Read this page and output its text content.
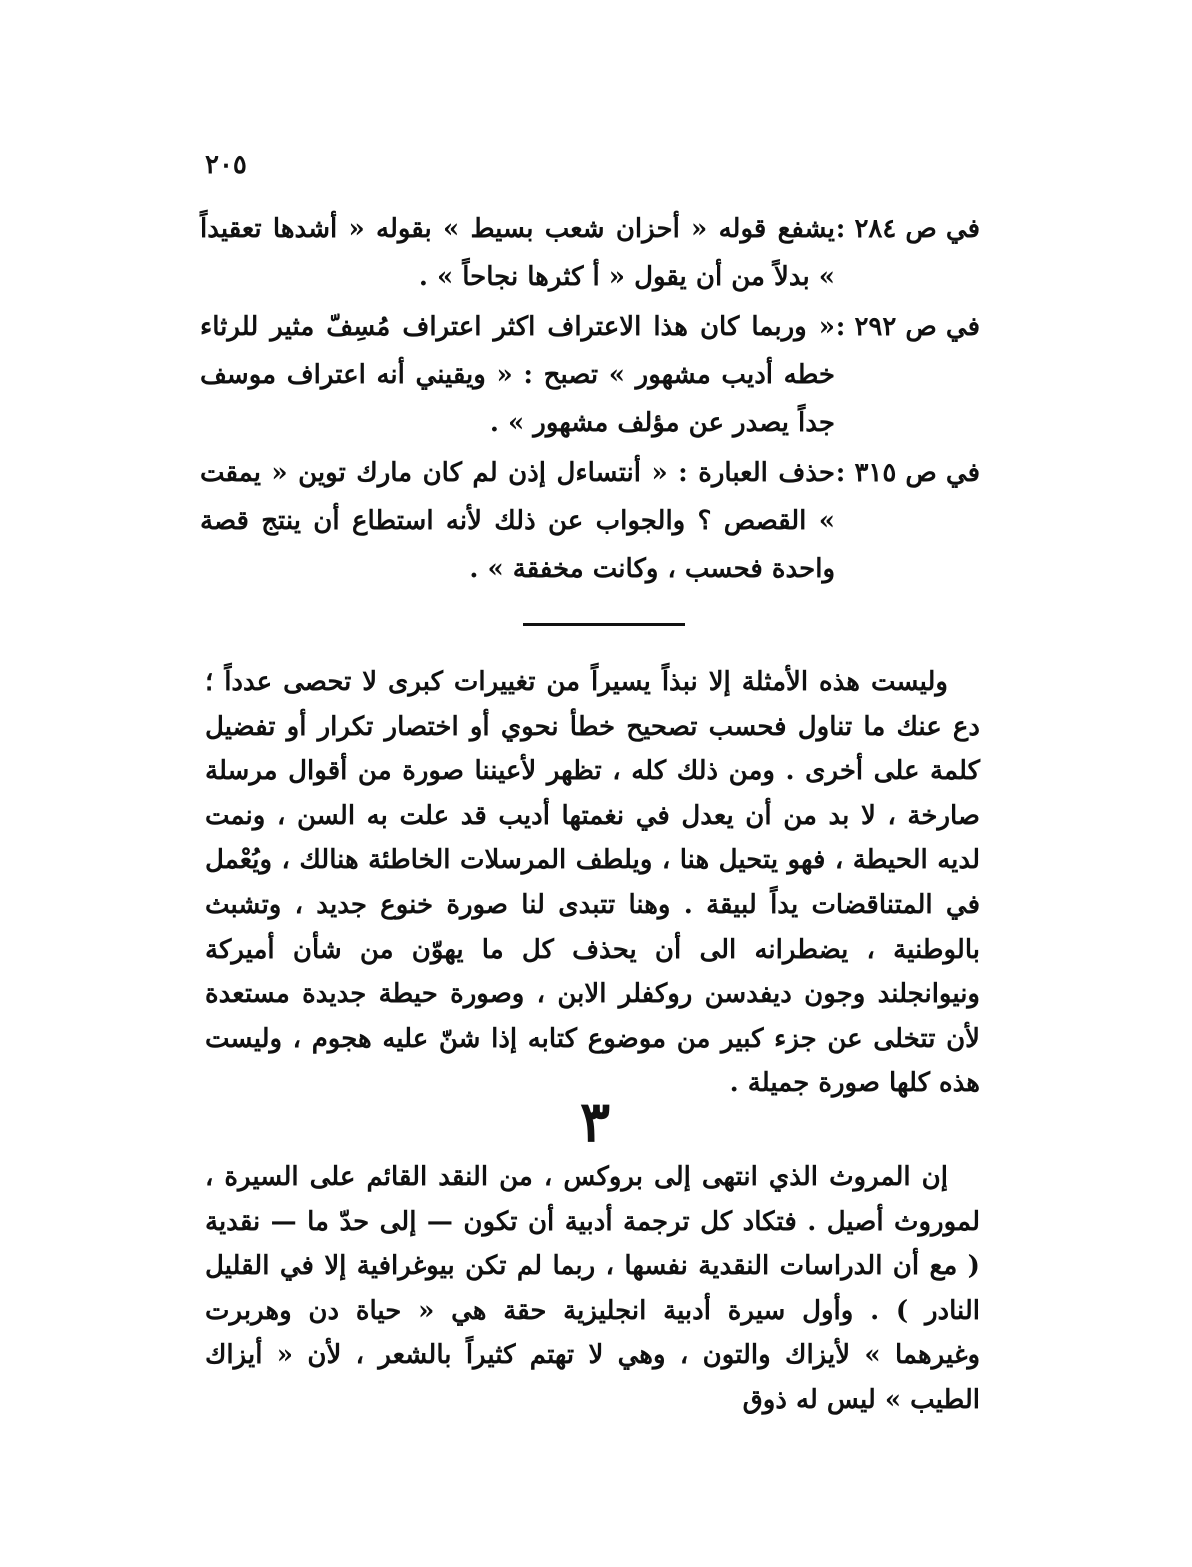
٢٠٥
في ص ٢٨٤ :
يشفع قوله « أحزان شعب بسيط » بقوله « أشدها تعقيداً » بدلاً من أن يقول « أ كثرها نجاحاً » .
في ص ٢٩٢ :
« وربما كان هذا الاعتراف اكثر اعتراف مُسِفّ مثير للرثاء خطه أديب مشهور » تصبح : « ويقيني أنه اعتراف موسف جداً يصدر عن مؤلف مشهور » .
في ص ٣١٥ :
حذف العبارة : « أنتساءل إذن لم كان مارك توين « يمقت » القصص ؟ والجواب عن ذلك لأنه استطاع أن ينتج قصة واحدة فحسب ، وكانت مخفقة » .

وليست هذه الأمثلة إلا نبذاً يسيراً من تغييرات كبرى لا تحصى عدداً ؛ دع عنك ما تناول فحسب تصحيح خطأ نحوي أو اختصار تكرار أو تفضيل كلمة على أخرى . ومن ذلك كله ، تظهر لأعيننا صورة من أقوال مرسلة صارخة ، لا بد من أن يعدل في نغمتها أديب قد علت به السن ، ونمت لديه الحيطة ، فهو يتحيل هنا ، ويلطف المرسلات الخاطئة هنالك ، ويُعْمل في المتناقضات يداً لبيقة . وهنا تتبدى لنا صورة خنوع جديد ، وتشبث بالوطنية ، يضطرانه الى أن يحذف كل ما يهوّن من شأن أميركة ونيوانجلند وجون ديفدسن روكفلر الابن ، وصورة حيطة جديدة مستعدة لأن تتخلى عن جزء كبير من موضوع كتابه إذا شنّ عليه هجوم ، وليست هذه كلها صورة جميلة .

٣

إن المروث الذي انتهى إلى بروكس ، من النقد القائم على السيرة ، لموروث أصيل . فتكاد كل ترجمة أدبية أن تكون — إلى حدّ ما — نقدية ( مع أن الدراسات النقدية نفسها ، ربما لم تكن بيوغرافية إلا في القليل النادر ) . وأول سيرة أدبية انجليزية حقة هي « حياة دن وهربرت وغيرهما » لأيزاك والتون ، وهي لا تهتم كثيراً بالشعر ، لأن « أيزاك الطيب » ليس له ذوق
